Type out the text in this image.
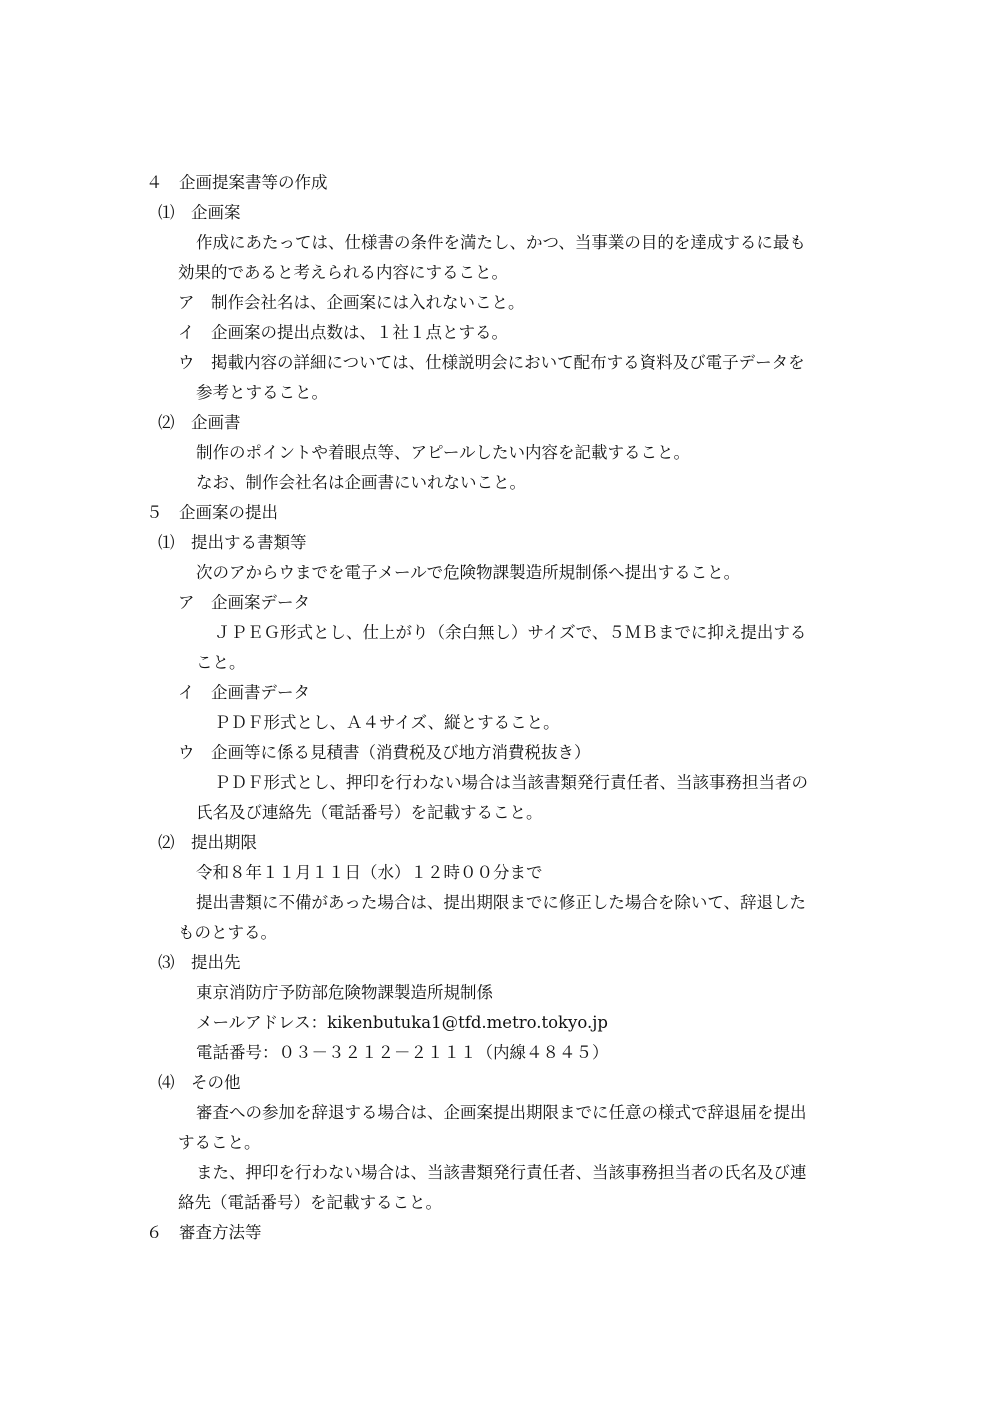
４　企画提案書等の作成
⑴　企画案
作成にあたっては、仕様書の条件を満たし、かつ、当事業の目的を達成するに最も
効果的であると考えられる内容にすること。
ア　制作会社名は、企画案には入れないこと。
イ　企画案の提出点数は、１社１点とする。
ウ　掲載内容の詳細については、仕様説明会において配布する資料及び電子データを
参考とすること。
⑵　企画書
制作のポイントや着眼点等、アピールしたい内容を記載すること。
なお、制作会社名は企画書にいれないこと。
５　企画案の提出
⑴　提出する書類等
次のアからウまでを電子メールで危険物課製造所規制係へ提出すること。
ア　企画案データ
ＪＰＥＧ形式とし、仕上がり（余白無し）サイズで、５ＭＢまでに抑え提出する
こと。
イ　企画書データ
ＰＤＦ形式とし、Ａ４サイズ、縦とすること。
ウ　企画等に係る見積書（消費税及び地方消費税抜き）
ＰＤＦ形式とし、押印を行わない場合は当該書類発行責任者、当該事務担当者の
氏名及び連絡先（電話番号）を記載すること。
⑵　提出期限
令和８年１１月１１日（水）１２時００分まで
提出書類に不備があった場合は、提出期限までに修正した場合を除いて、辞退した
ものとする。
⑶　提出先
東京消防庁予防部危険物課製造所規制係
メールアドレス：kikenbutuka1@tfd.metro.tokyo.jp
電話番号：０３－３２１２－２１１１（内線４８４５）
⑷　その他
審査への参加を辞退する場合は、企画案提出期限までに任意の様式で辞退届を提出
すること。
また、押印を行わない場合は、当該書類発行責任者、当該事務担当者の氏名及び連
絡先（電話番号）を記載すること。
６　審査方法等
